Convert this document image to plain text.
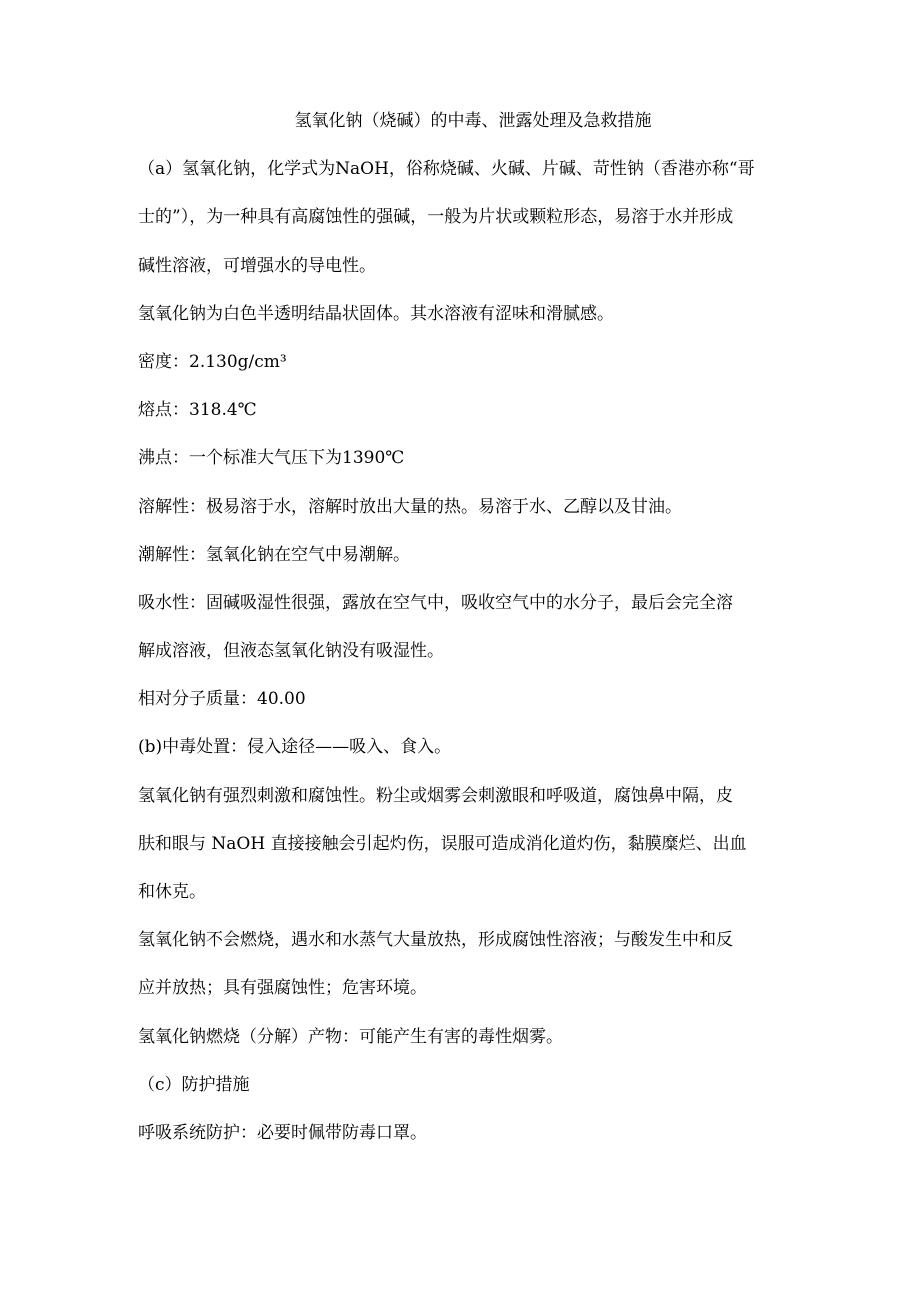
氢氧化钠（烧碱）的中毒、泄露处理及急救措施
（a）氢氧化钠，化学式为NaOH，俗称烧碱、火碱、片碱、苛性钠（香港亦称“哥
士的”），为一种具有高腐蚀性的强碱，一般为片状或颗粒形态，易溶于水并形成
碱性溶液，可增强水的导电性。
氢氧化钠为白色半透明结晶状固体。其水溶液有涩味和滑腻感。
密度：2.130g/cm³
熔点：318.4℃
沸点：一个标准大气压下为1390℃
溶解性：极易溶于水，溶解时放出大量的热。易溶于水、乙醇以及甘油。
潮解性：氢氧化钠在空气中易潮解。
吸水性：固碱吸湿性很强，露放在空气中，吸收空气中的水分子，最后会完全溶
解成溶液，但液态氢氧化钠没有吸湿性。
相对分子质量：40.00
(b)中毒处置：侵入途径——吸入、食入。
氢氧化钠有强烈刺激和腐蚀性。粉尘或烟雾会刺激眼和呼吸道，腐蚀鼻中隔，皮
肤和眼与 NaOH 直接接触会引起灼伤，误服可造成消化道灼伤，黏膜糜烂、出血
和休克。
氢氧化钠不会燃烧，遇水和水蒸气大量放热，形成腐蚀性溶液；与酸发生中和反
应并放热；具有强腐蚀性；危害环境。
氢氧化钠燃烧（分解）产物：可能产生有害的毒性烟雾。
（c）防护措施
呼吸系统防护：必要时佩带防毒口罩。
